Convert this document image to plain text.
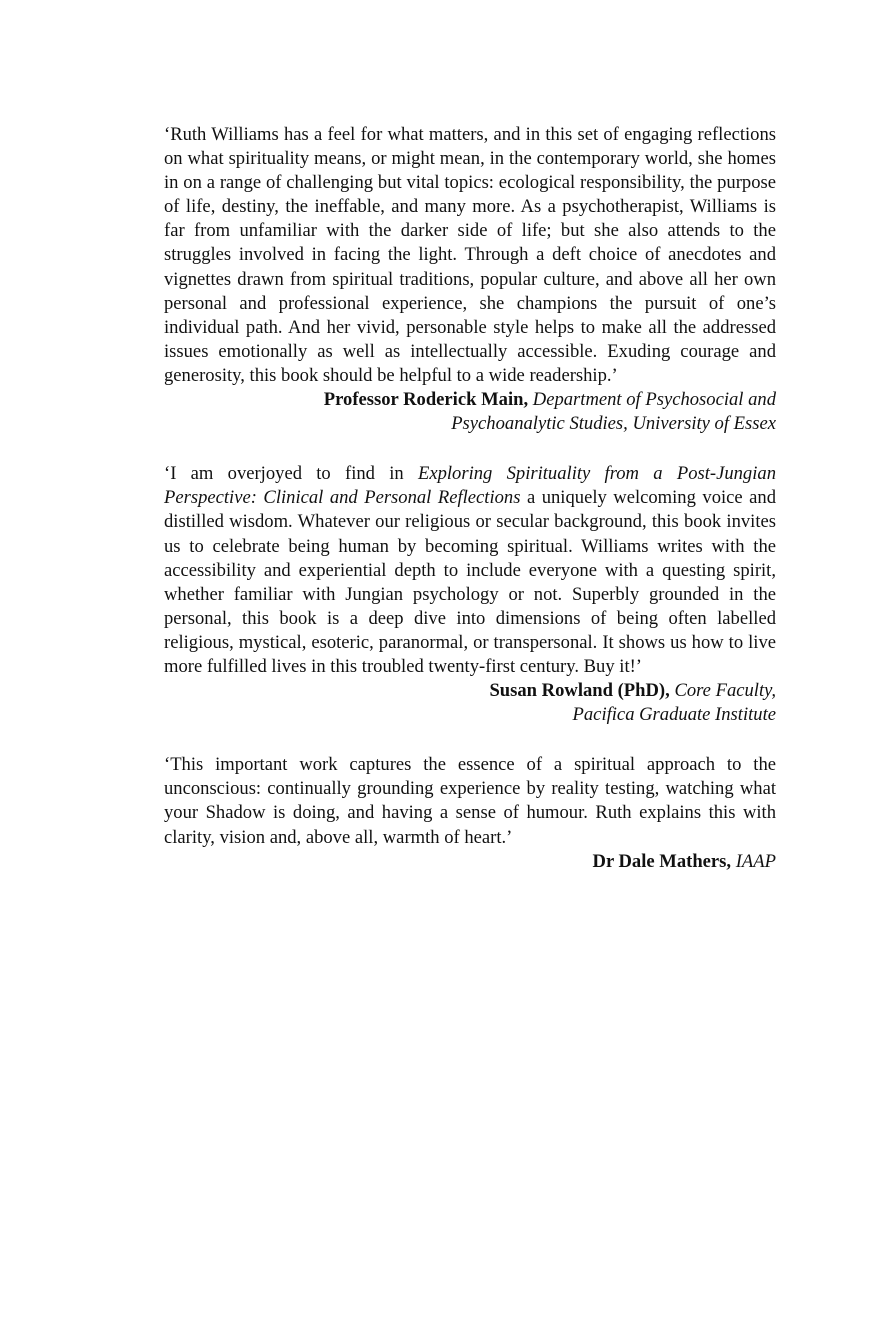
‘Ruth Williams has a feel for what matters, and in this set of engaging reflections on what spirituality means, or might mean, in the contemporary world, she homes in on a range of challenging but vital topics: ecological responsibility, the purpose of life, destiny, the ineffable, and many more. As a psychotherapist, Williams is far from unfamiliar with the darker side of life; but she also attends to the struggles involved in facing the light. Through a deft choice of anecdotes and vignettes drawn from spiritual traditions, popular culture, and above all her own personal and professional experience, she champions the pursuit of one’s individual path. And her vivid, personable style helps to make all the addressed issues emotionally as well as intellectually accessible. Exuding courage and generosity, this book should be helpful to a wide readership.’

Professor Roderick Main, Department of Psychosocial and
Psychoanalytic Studies, University of Essex

‘I am overjoyed to find in Exploring Spirituality from a Post-Jungian Perspective: Clinical and Personal Reflections a uniquely welcoming voice and distilled wisdom. Whatever our religious or secular background, this book invites us to celebrate being human by becoming spiritual. Williams writes with the accessibility and experiential depth to include everyone with a questing spirit, whether familiar with Jungian psychology or not. Superbly grounded in the personal, this book is a deep dive into dimensions of being often labelled religious, mystical, esoteric, paranormal, or transpersonal. It shows us how to live more fulfilled lives in this troubled twenty-first century. Buy it!’

Susan Rowland (PhD), Core Faculty,
Pacifica Graduate Institute

‘This important work captures the essence of a spiritual approach to the unconscious: continually grounding experience by reality testing, watching what your Shadow is doing, and having a sense of humour. Ruth explains this with clarity, vision and, above all, warmth of heart.’

Dr Dale Mathers, IAAP
